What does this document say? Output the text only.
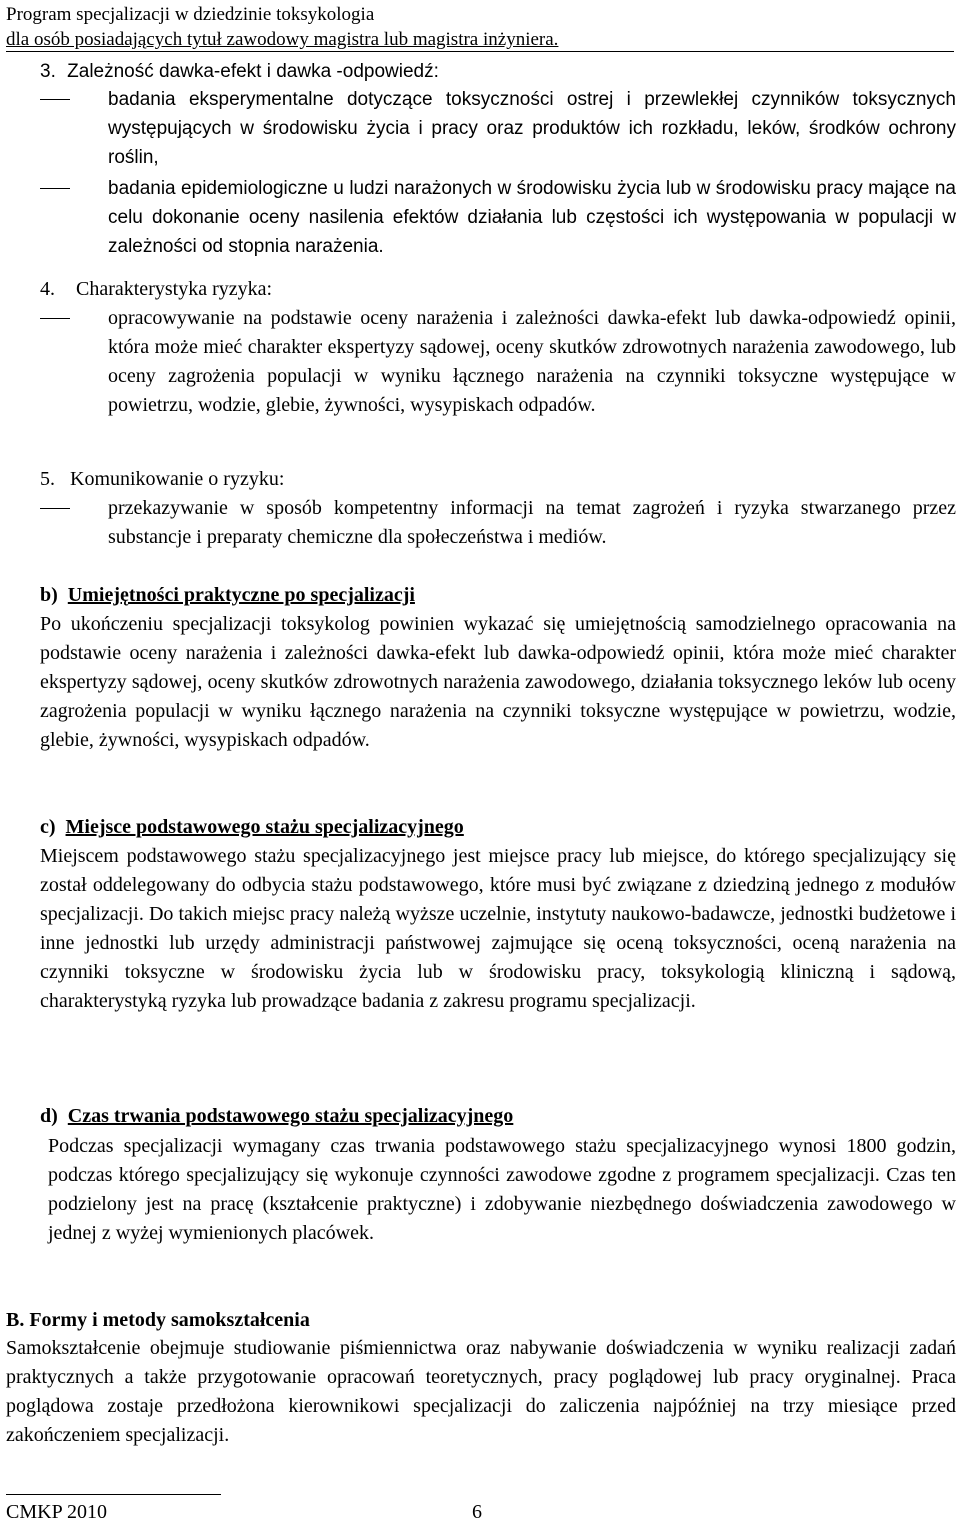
Program specjalizacji w dziedzinie toksykologia
dla osób posiadających tytuł zawodowy magistra lub magistra inżyniera.
3. Zależność dawka-efekt i dawka -odpowiedź:

badania eksperymentalne dotyczące toksyczności ostrej i przewlekłej czynników toksycznych występujących w środowisku życia i pracy oraz produktów ich rozkładu, leków, środków ochrony roślin,

badania epidemiologiczne u ludzi narażonych w środowisku życia lub w środowisku pracy mające na celu dokonanie oceny nasilenia efektów działania lub częstości ich występowania w populacji w zależności od stopnia narażenia.

4. Charakterystyka ryzyka:

opracowywanie na podstawie oceny narażenia i zależności dawka-efekt lub dawka-odpowiedź opinii, która może mieć charakter ekspertyzy sądowej, oceny skutków zdrowotnych narażenia zawodowego, lub oceny zagrożenia populacji w wyniku łącznego narażenia na czynniki toksyczne występujące w powietrzu, wodzie, glebie, żywności, wysypiskach odpadów.

5. Komunikowanie o ryzyku:

przekazywanie w sposób kompetentny informacji na temat zagrożeń i ryzyka stwarzanego przez substancje i preparaty chemiczne dla społeczeństwa i mediów.

b)  Umiejętności praktyczne po specjalizacji

Po ukończeniu specjalizacji toksykolog powinien wykazać się umiejętnością samodzielnego opracowania na podstawie oceny narażenia i zależności dawka-efekt lub dawka-odpowiedź opinii, która może mieć charakter ekspertyzy sądowej, oceny skutków zdrowotnych narażenia zawodowego, działania toksycznego leków lub oceny zagrożenia populacji w wyniku łącznego narażenia na czynniki toksyczne występujące w powietrzu, wodzie, glebie, żywności, wysypiskach odpadów.

c)  Miejsce podstawowego stażu specjalizacyjnego

Miejscem podstawowego stażu specjalizacyjnego jest miejsce pracy lub miejsce, do którego specjalizujący się został oddelegowany do odbycia stażu podstawowego, które musi być związane z dziedziną jednego z modułów specjalizacji. Do takich miejsc pracy należą wyższe uczelnie, instytuty naukowo-badawcze, jednostki budżetowe i inne jednostki lub urzędy administracji państwowej zajmujące się oceną toksyczności, oceną narażenia na czynniki toksyczne w środowisku życia lub w środowisku pracy, toksykologią kliniczną i sądową, charakterystyką ryzyka lub prowadzące badania z zakresu programu specjalizacji.

d)  Czas trwania podstawowego stażu specjalizacyjnego

Podczas specjalizacji wymagany czas trwania podstawowego stażu specjalizacyjnego wynosi 1800 godzin, podczas którego specjalizujący się wykonuje czynności zawodowe zgodne z programem specjalizacji. Czas ten podzielony jest na pracę (kształcenie praktyczne) i zdobywanie niezbędnego doświadczenia zawodowego w jednej z wyżej wymienionych placówek.

B. Formy i metody samokształcenia

Samokształcenie obejmuje studiowanie piśmiennictwa oraz nabywanie doświadczenia w wyniku realizacji zadań praktycznych a także przygotowanie opracowań teoretycznych, pracy poglądowej lub pracy oryginalnej. Praca poglądowa zostaje przedłożona kierownikowi specjalizacji do zaliczenia najpóźniej na trzy miesiące przed zakończeniem specjalizacji.

CMKP 2010	6
